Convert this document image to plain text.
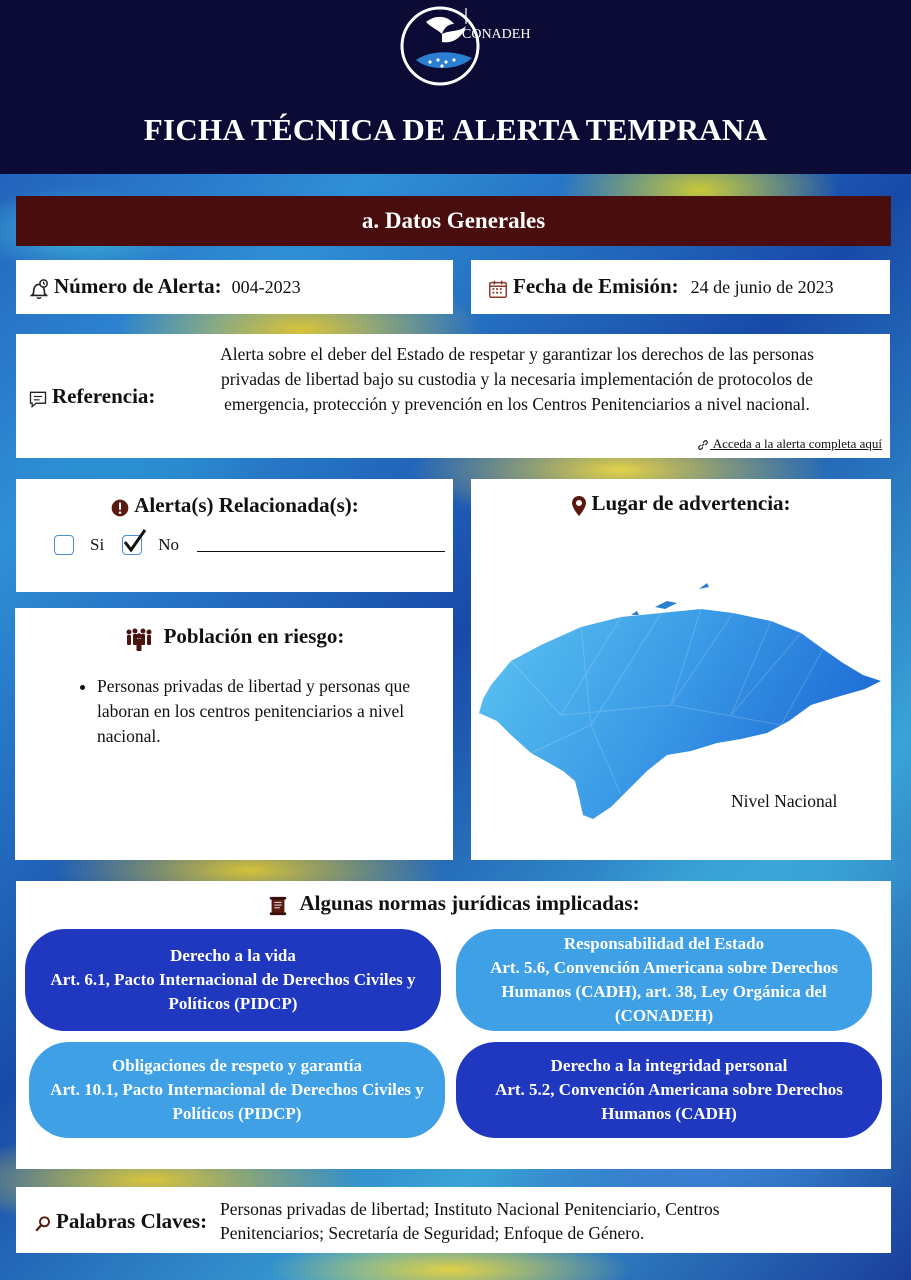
CONADEH
FICHA TÉCNICA DE ALERTA TEMPRANA
a. Datos Generales
Número de Alerta: 004-2023	Fecha de Emisión: 24 de junio de 2023
Referencia:
Alerta sobre el deber del Estado de respetar y garantizar los derechos de las personas privadas de libertad bajo su custodia y la necesaria implementación de protocolos de emergencia, protección y prevención en los Centros Penitenciarios a nivel nacional.
Acceda a la alerta completa aquí
Alerta(s) Relacionada(s):
Si	No
Población en riesgo:
• Personas privadas de libertad y personas que laboran en los centros penitenciarios a nivel nacional.
Lugar de advertencia:
Nivel Nacional
Algunas normas jurídicas implicadas:
Derecho a la vida
Art. 6.1, Pacto Internacional de Derechos Civiles y Políticos (PIDCP)
Responsabilidad del Estado
Art. 5.6, Convención Americana sobre Derechos Humanos (CADH), art. 38, Ley Orgánica del (CONADEH)
Obligaciones de respeto y garantía
Art. 10.1, Pacto Internacional de Derechos Civiles y Políticos (PIDCP)
Derecho a la integridad personal
Art. 5.2, Convención Americana sobre Derechos Humanos (CADH)
Palabras Claves: Personas privadas de libertad; Instituto Nacional Penitenciario, Centros Penitenciarios; Secretaría de Seguridad; Enfoque de Género.
